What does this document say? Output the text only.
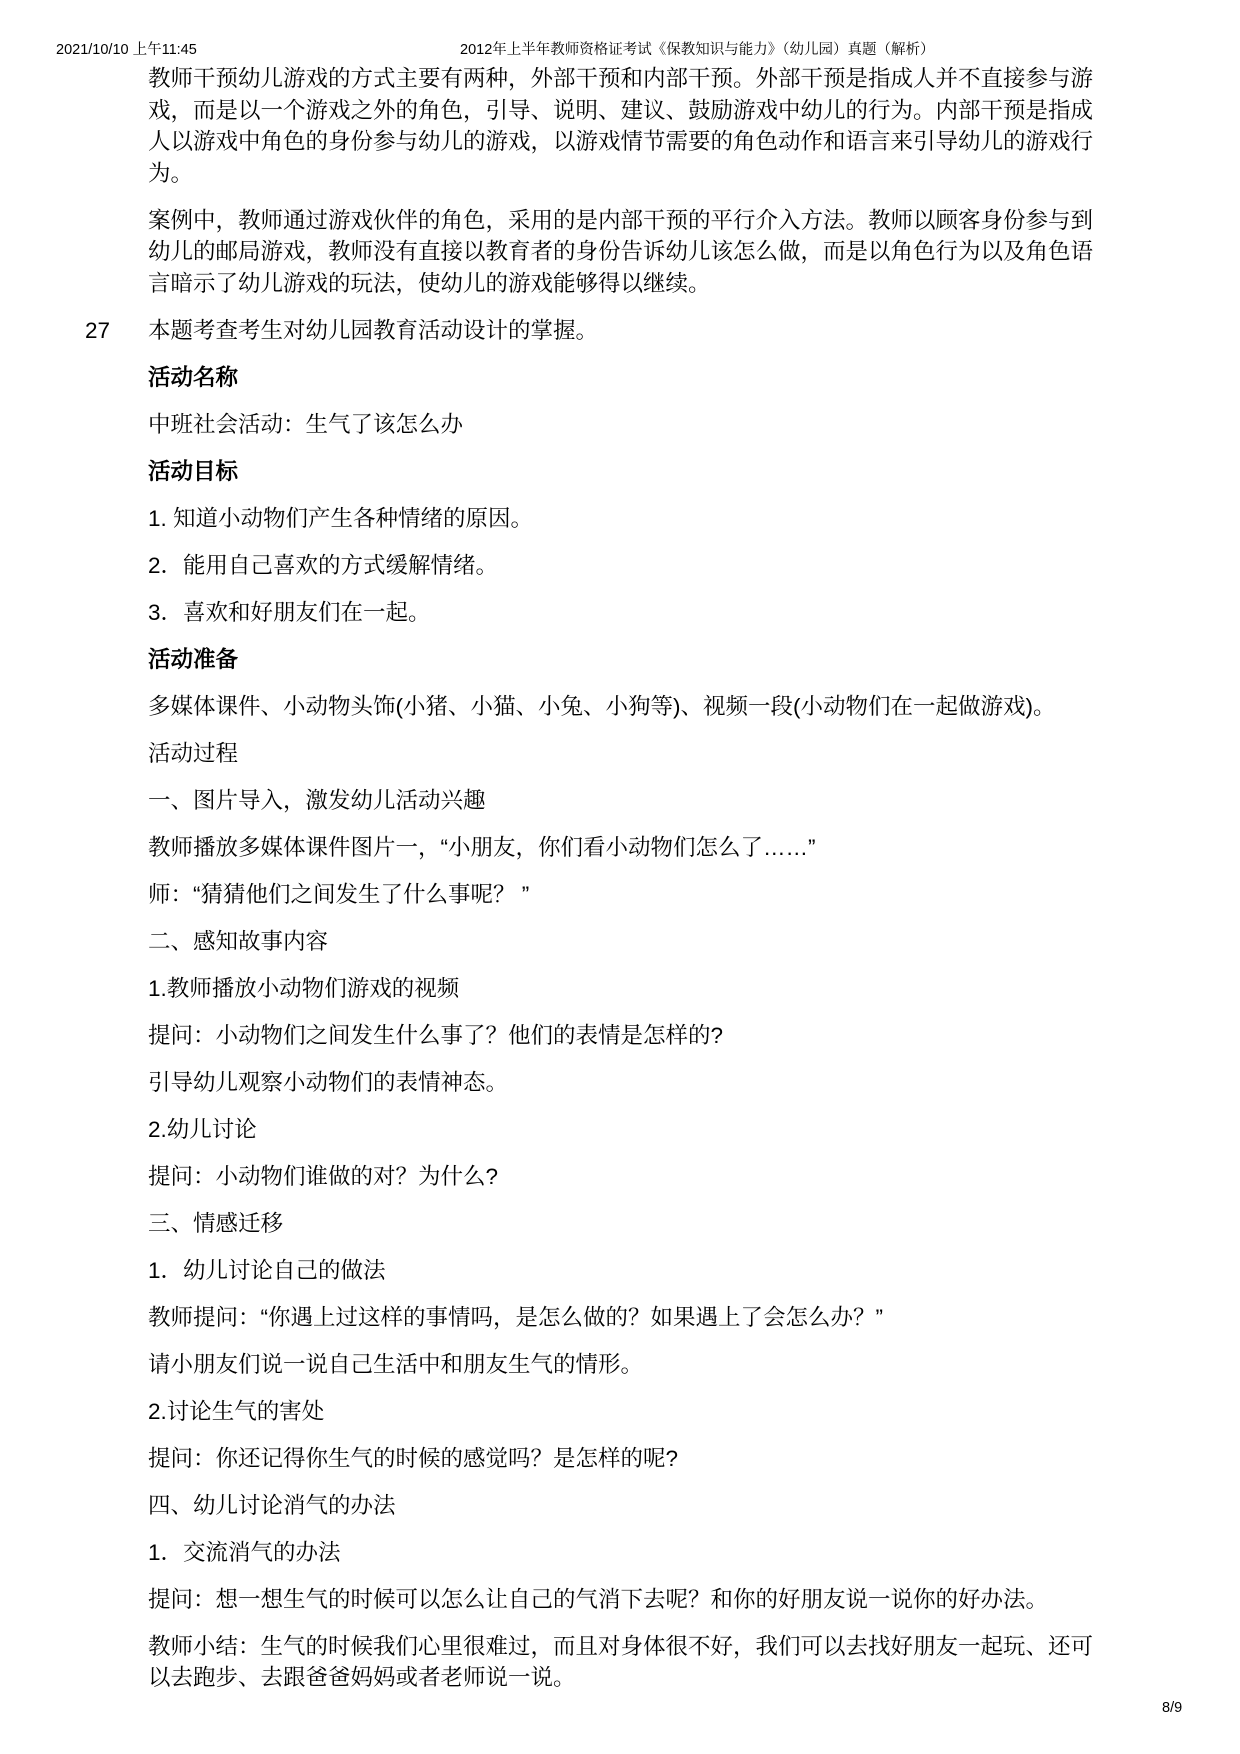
2021/10/10 上午11:45	2012年上半年教师资格证考试《保教知识与能力》（幼儿园）真题（解析）

教师干预幼儿游戏的方式主要有两种，外部干预和内部干预。外部干预是指成人并不直接参与游戏，而是以一个游戏之外的角色，引导、说明、建议、鼓励游戏中幼儿的行为。内部干预是指成人以游戏中角色的身份参与幼儿的游戏，以游戏情节需要的角色动作和语言来引导幼儿的游戏行为。

案例中，教师通过游戏伙伴的角色，采用的是内部干预的平行介入方法。教师以顾客身份参与到幼儿的邮局游戏，教师没有直接以教育者的身份告诉幼儿该怎么做，而是以角色行为以及角色语言暗示了幼儿游戏的玩法，使幼儿的游戏能够得以继续。

27 本题考查考生对幼儿园教育活动设计的掌握。

活动名称

中班社会活动：生气了该怎么办

活动目标

1. 知道小动物们产生各种情绪的原因。

2．能用自己喜欢的方式缓解情绪。

3．喜欢和好朋友们在一起。

活动准备

多媒体课件、小动物头饰(小猪、小猫、小兔、小狗等)、视频一段(小动物们在一起做游戏)。

活动过程

一、图片导入，激发幼儿活动兴趣

教师播放多媒体课件图片一，“小朋友，你们看小动物们怎么了……”

师：“猜猜他们之间发生了什么事呢？ ”

二、感知故事内容

1.教师播放小动物们游戏的视频

提问：小动物们之间发生什么事了？他们的表情是怎样的?

引导幼儿观察小动物们的表情神态。

2.幼儿讨论

提问：小动物们谁做的对？为什么?

三、情感迁移

1．幼儿讨论自己的做法

教师提问：“你遇上过这样的事情吗，是怎么做的？如果遇上了会怎么办？”

请小朋友们说一说自己生活中和朋友生气的情形。

2.讨论生气的害处

提问：你还记得你生气的时候的感觉吗？是怎样的呢?

四、幼儿讨论消气的办法

1．交流消气的办法

提问：想一想生气的时候可以怎么让自己的气消下去呢？和你的好朋友说一说你的好办法。

教师小结：生气的时候我们心里很难过，而且对身体很不好，我们可以去找好朋友一起玩、还可以去跑步、去跟爸爸妈妈或者老师说一说。

8/9
